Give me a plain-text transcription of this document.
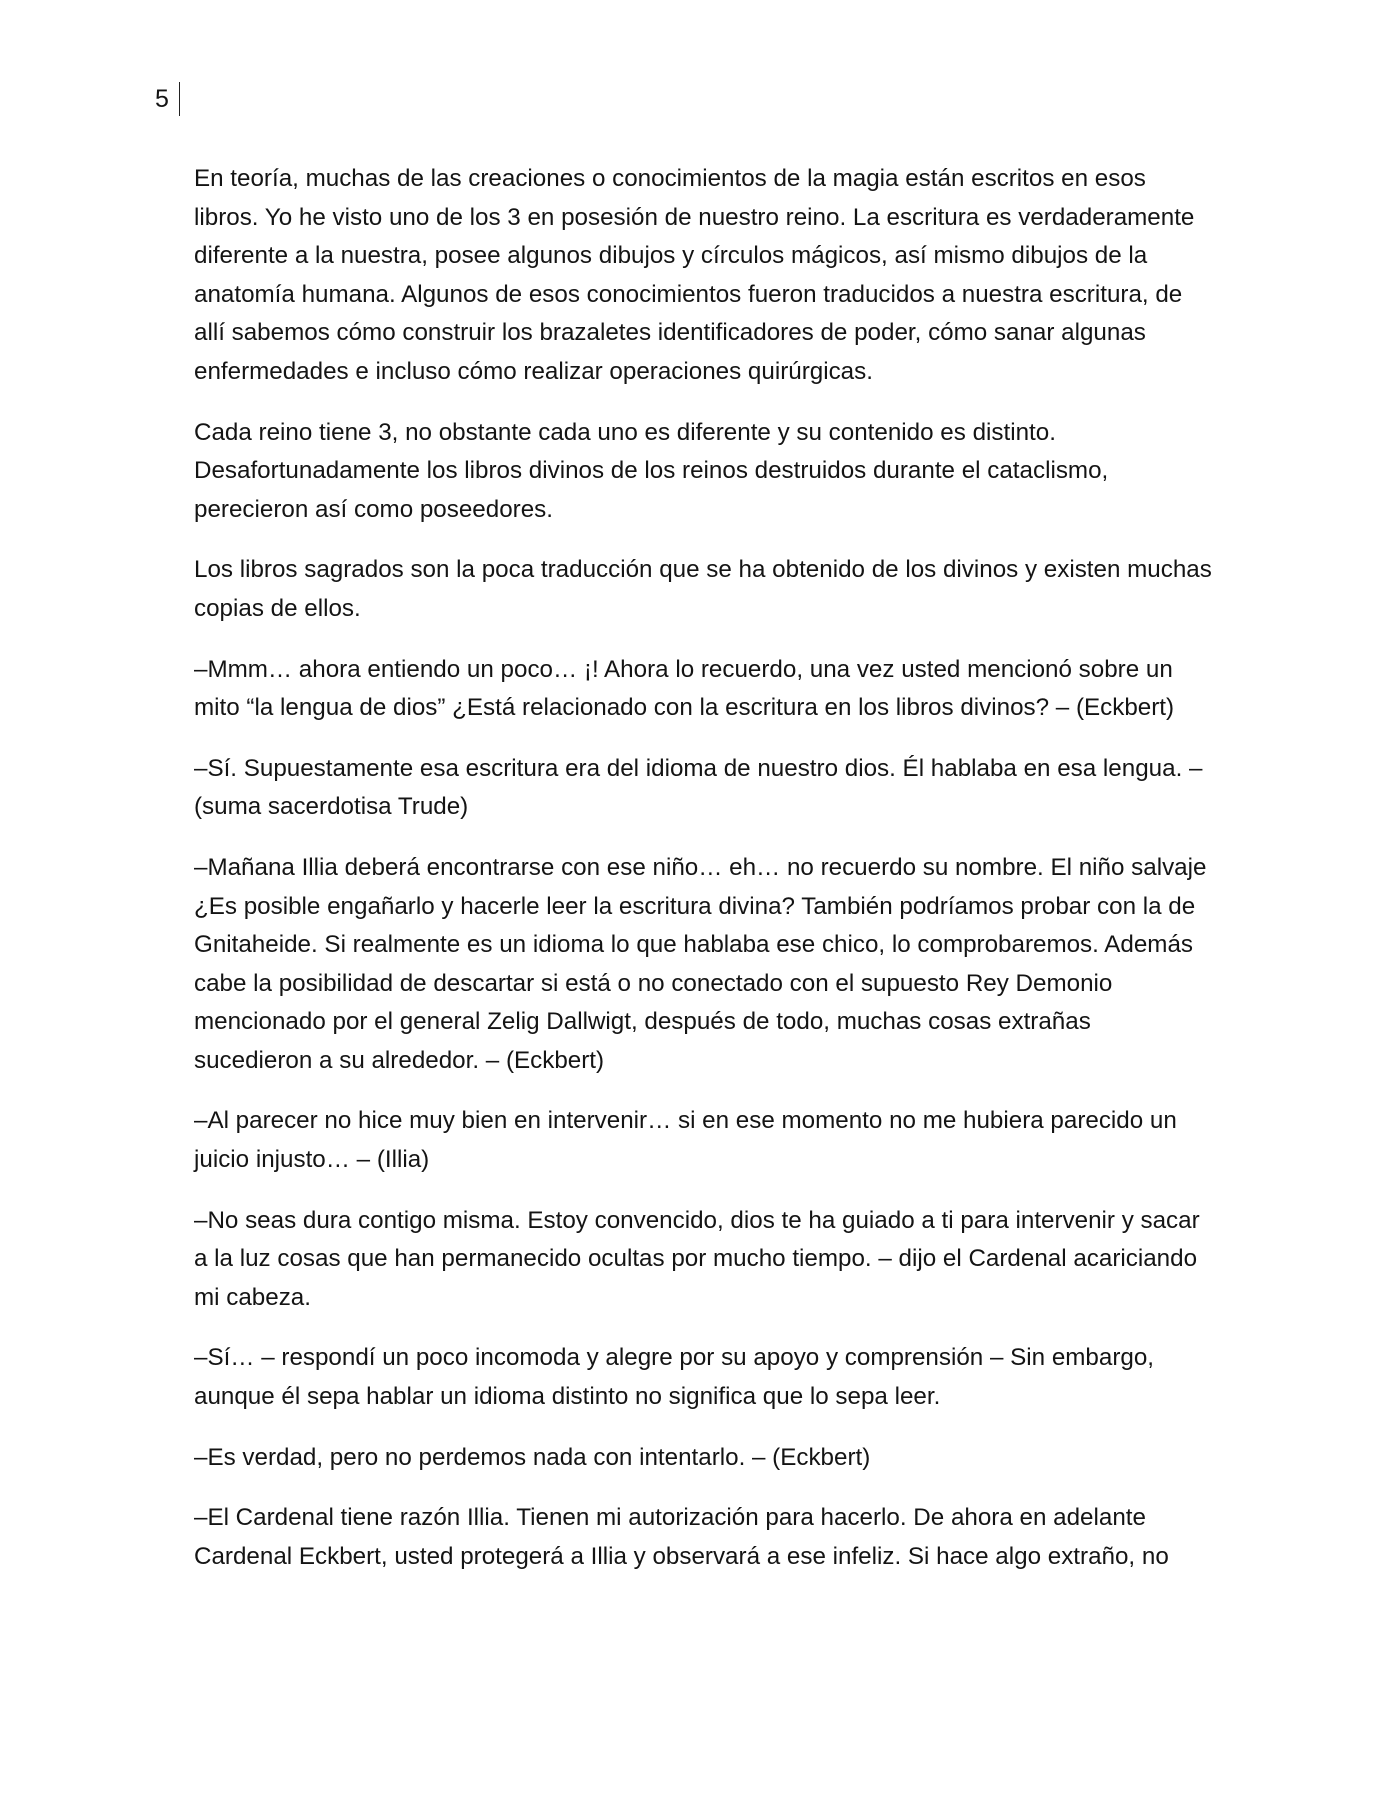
5

En teoría, muchas de las creaciones o conocimientos de la magia están escritos en esos libros. Yo he visto uno de los 3 en posesión de nuestro reino. La escritura es verdaderamente diferente a la nuestra, posee algunos dibujos y círculos mágicos, así mismo dibujos de la anatomía humana. Algunos de esos conocimientos fueron traducidos a nuestra escritura, de allí sabemos cómo construir los brazaletes identificadores de poder, cómo sanar algunas enfermedades e incluso cómo realizar operaciones quirúrgicas.

Cada reino tiene 3, no obstante cada uno es diferente y su contenido es distinto. Desafortunadamente los libros divinos de los reinos destruidos durante el cataclismo, perecieron así como poseedores.

Los libros sagrados son la poca traducción que se ha obtenido de los divinos y existen muchas copias de ellos.

–Mmm… ahora entiendo un poco… ¡! Ahora lo recuerdo, una vez usted mencionó sobre un mito “la lengua de dios” ¿Está relacionado con la escritura en los libros divinos? – (Eckbert)

–Sí. Supuestamente esa escritura era del idioma de nuestro dios. Él hablaba en esa lengua. – (suma sacerdotisa Trude)

–Mañana Illia deberá encontrarse con ese niño… eh… no recuerdo su nombre. El niño salvaje ¿Es posible engañarlo y hacerle leer la escritura divina? También podríamos probar con la de Gnitaheide. Si realmente es un idioma lo que hablaba ese chico, lo comprobaremos. Además cabe la posibilidad de descartar si está o no conectado con el supuesto Rey Demonio mencionado por el general Zelig Dallwigt, después de todo, muchas cosas extrañas sucedieron a su alrededor. – (Eckbert)

–Al parecer no hice muy bien en intervenir… si en ese momento no me hubiera parecido un juicio injusto… – (Illia)

–No seas dura contigo misma. Estoy convencido, dios te ha guiado a ti para intervenir y sacar a la luz cosas que han permanecido ocultas por mucho tiempo. – dijo el Cardenal acariciando mi cabeza.

–Sí… – respondí un poco incomoda y alegre por su apoyo y comprensión – Sin embargo, aunque él sepa hablar un idioma distinto no significa que lo sepa leer.

–Es verdad, pero no perdemos nada con intentarlo. – (Eckbert)

–El Cardenal tiene razón Illia. Tienen mi autorización para hacerlo. De ahora en adelante Cardenal Eckbert, usted protegerá a Illia y observará a ese infeliz. Si hace algo extraño, no
